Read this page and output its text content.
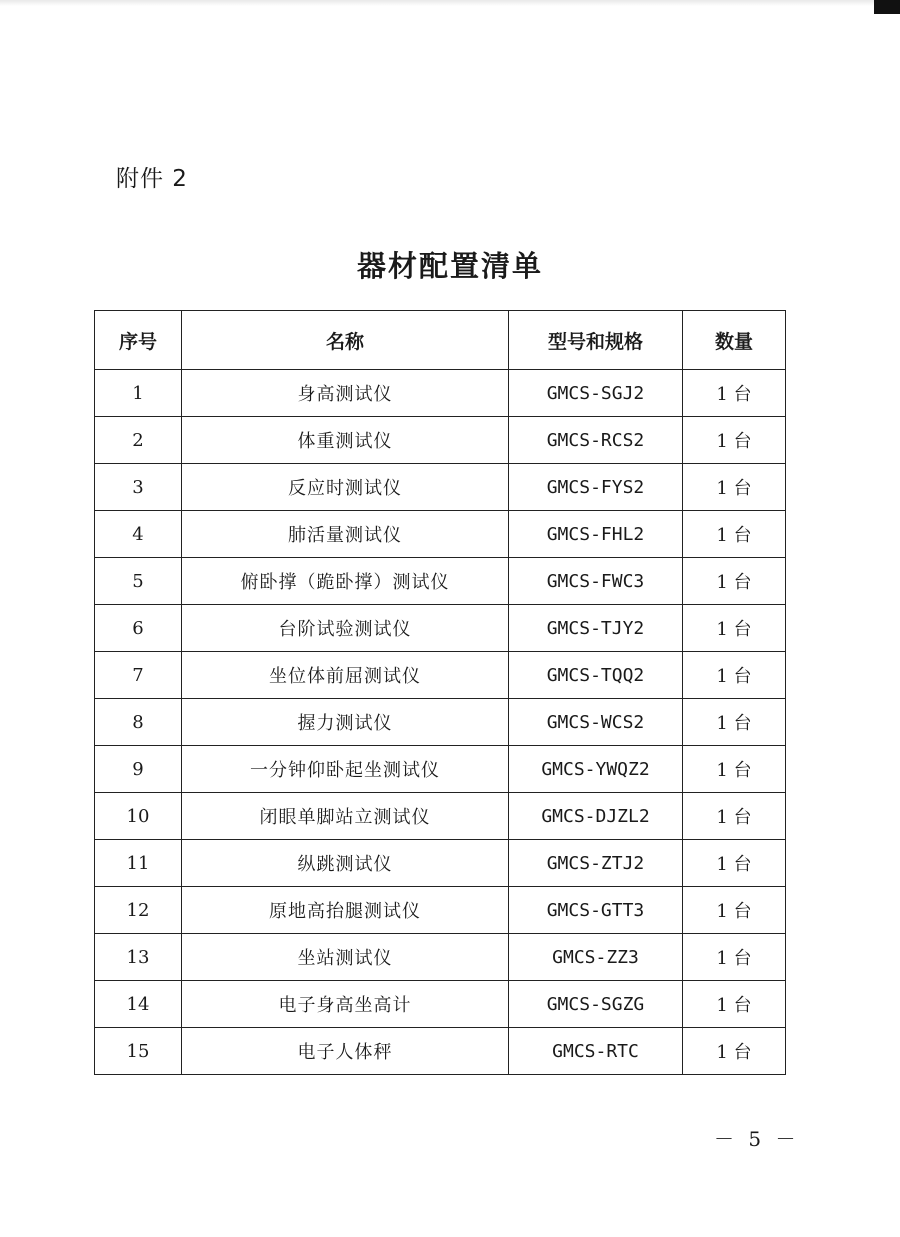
附件 2
器材配置清单
序号	名称	型号和规格	数量
1	身高测试仪	GMCS-SGJ2	1 台
2	体重测试仪	GMCS-RCS2	1 台
3	反应时测试仪	GMCS-FYS2	1 台
4	肺活量测试仪	GMCS-FHL2	1 台
5	俯卧撑（跪卧撑）测试仪	GMCS-FWC3	1 台
6	台阶试验测试仪	GMCS-TJY2	1 台
7	坐位体前屈测试仪	GMCS-TQQ2	1 台
8	握力测试仪	GMCS-WCS2	1 台
9	一分钟仰卧起坐测试仪	GMCS-YWQZ2	1 台
10	闭眼单脚站立测试仪	GMCS-DJZL2	1 台
11	纵跳测试仪	GMCS-ZTJ2	1 台
12	原地高抬腿测试仪	GMCS-GTT3	1 台
13	坐站测试仪	GMCS-ZZ3	1 台
14	电子身高坐高计	GMCS-SGZG	1 台
15	电子人体秤	GMCS-RTC	1 台
－ 5 －
